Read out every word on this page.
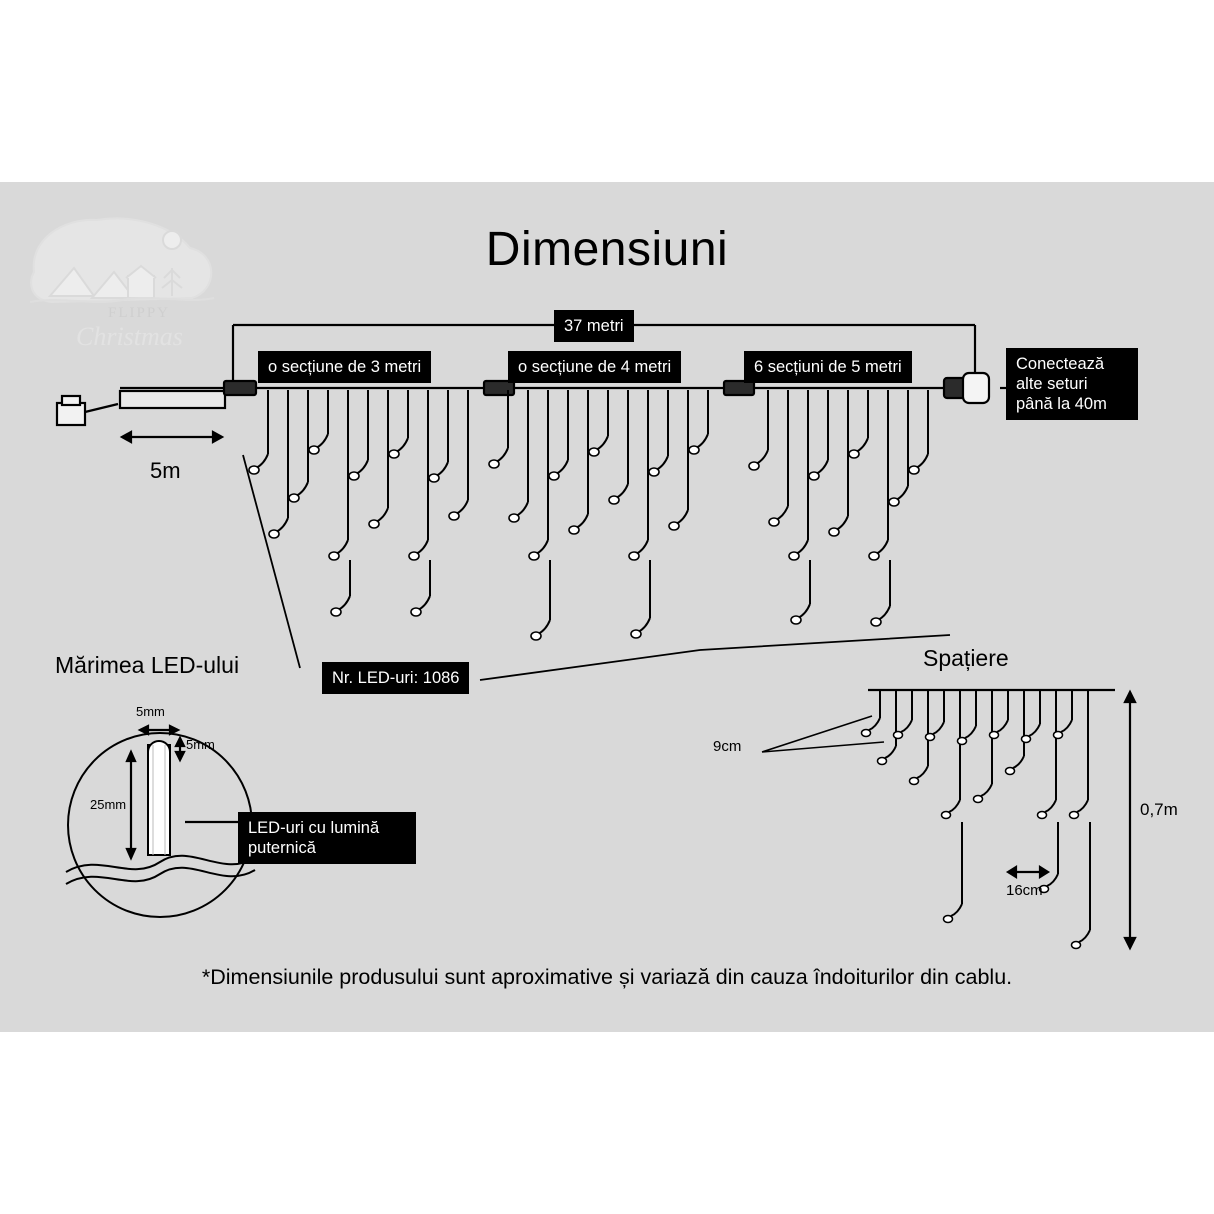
FLIPPY
Christmas
Dimensiuni
37 metri
o secțiune de 3 metri	o secțiune de 4 metri	6 secțiuni de 5 metri	Conectează
alte seturi
până la 40m
5m
Nr. LED-uri: 1086
Mărimea LED-ului
5mm
5mm
25mm
LED-uri cu lumină
puternică
Spațiere
9cm
16cm
0,7m
*Dimensiunile produsului sunt aproximative și variază din cauza îndoiturilor din cablu.
